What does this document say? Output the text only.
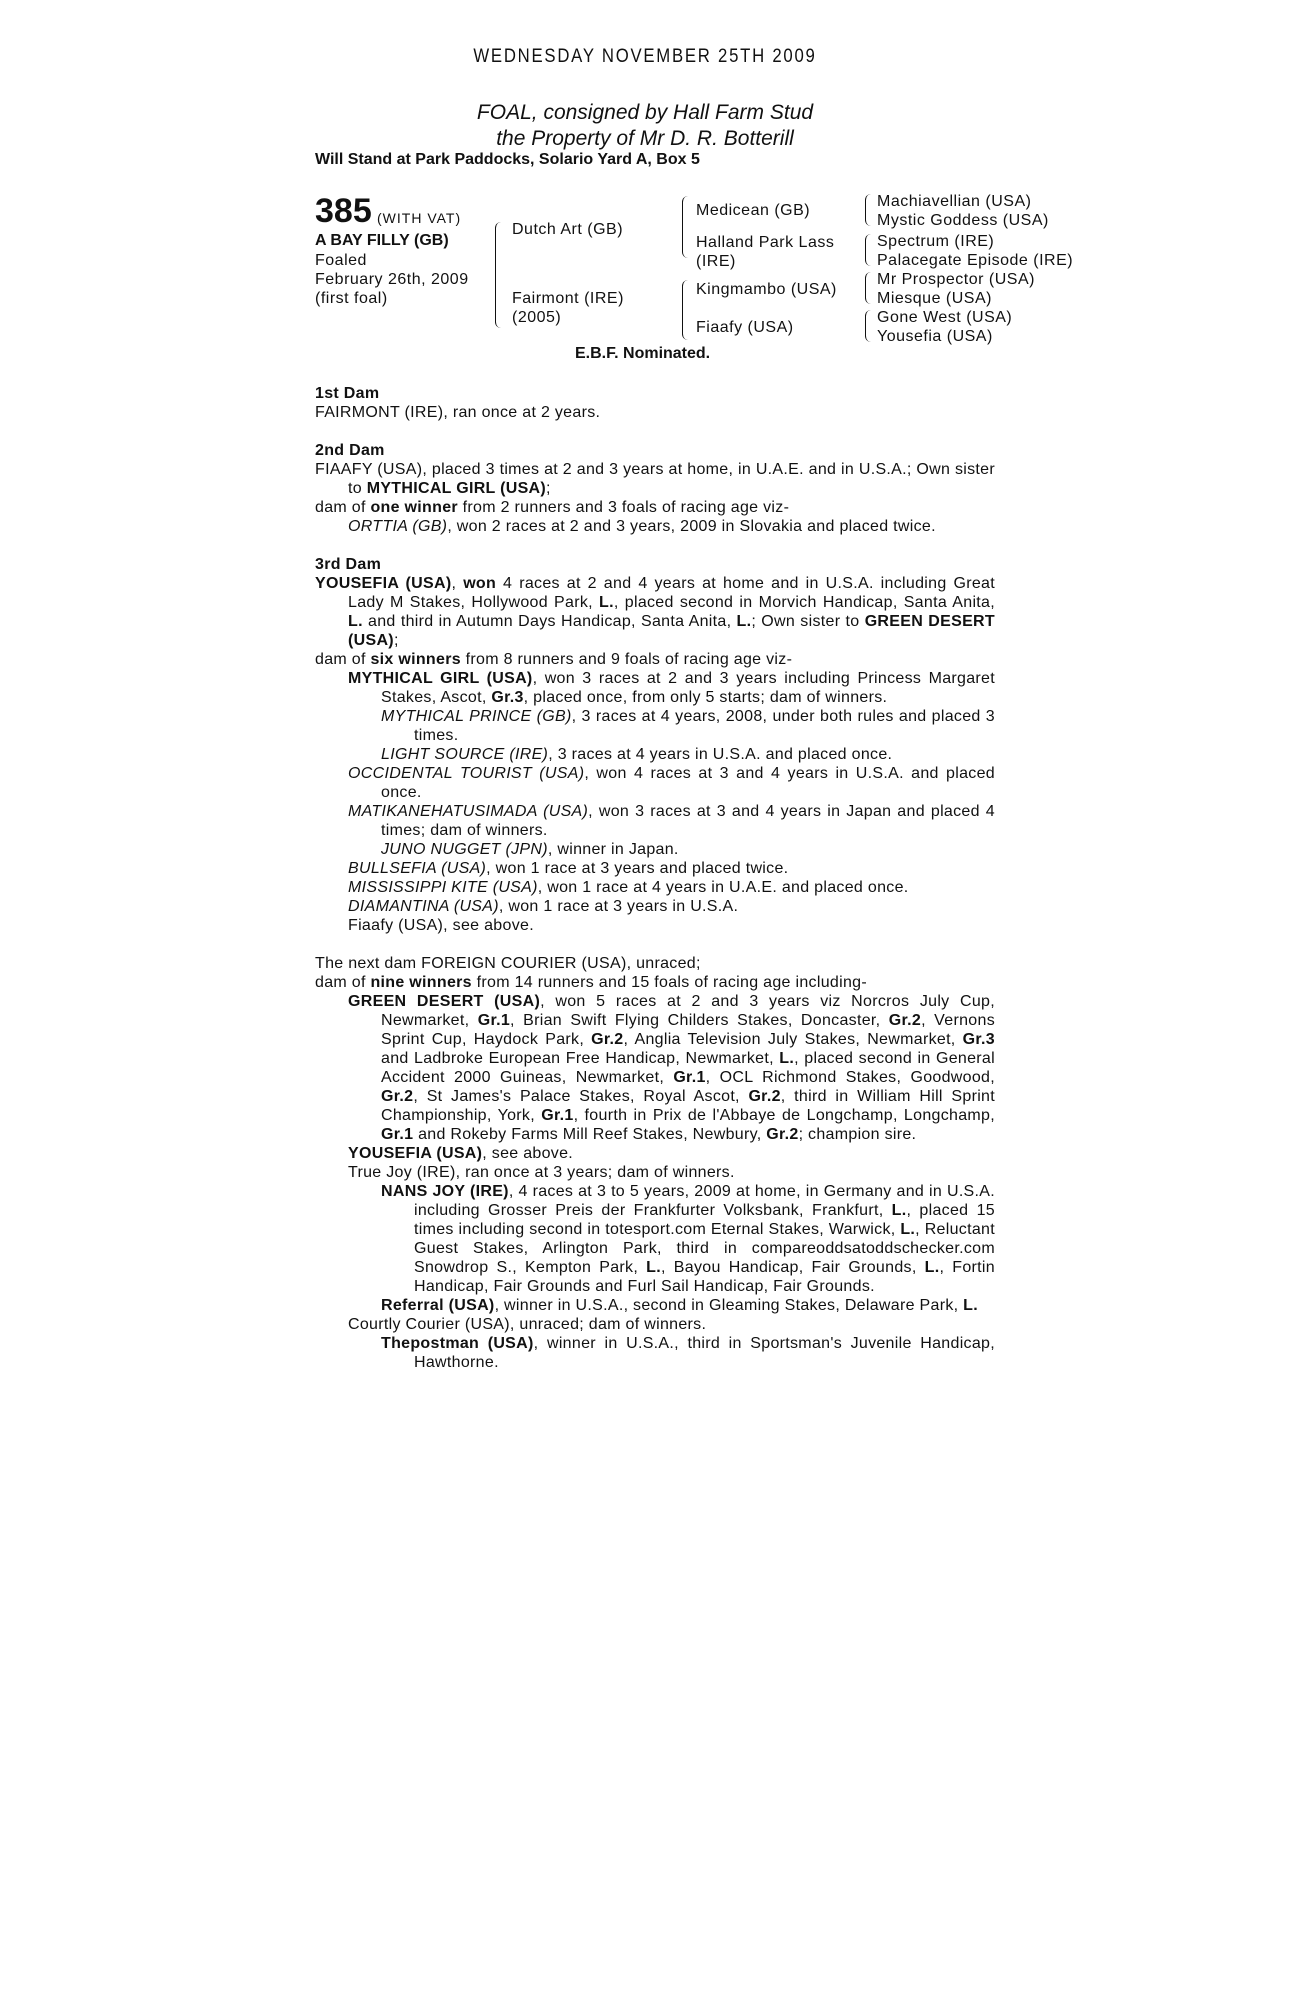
WEDNESDAY NOVEMBER 25TH 2009
FOAL, consigned by Hall Farm Stud
the Property of Mr D. R. Botterill
Will Stand at Park Paddocks, Solario Yard A, Box 5
385 (WITH VAT)
A BAY FILLY (GB)
Foaled
February 26th, 2009
(first foal)
Dutch Art (GB)
Fairmont (IRE)
(2005)
Medicean (GB)
Halland Park Lass
(IRE)
Kingmambo (USA)
Fiaafy (USA)
Machiavellian (USA)
Mystic Goddess (USA)
Spectrum (IRE)
Palacegate Episode (IRE)
Mr Prospector (USA)
Miesque (USA)
Gone West (USA)
Yousefia (USA)
E.B.F. Nominated.
1st Dam
FAIRMONT (IRE), ran once at 2 years.
2nd Dam
FIAAFY (USA), placed 3 times at 2 and 3 years at home, in U.A.E. and in U.S.A.; Own sister to MYTHICAL GIRL (USA);
dam of one winner from 2 runners and 3 foals of racing age viz-
ORTTIA (GB), won 2 races at 2 and 3 years, 2009 in Slovakia and placed twice.
3rd Dam
YOUSEFIA (USA), won 4 races at 2 and 4 years at home and in U.S.A. including Great Lady M Stakes, Hollywood Park, L., placed second in Morvich Handicap, Santa Anita, L. and third in Autumn Days Handicap, Santa Anita, L.; Own sister to GREEN DESERT (USA);
dam of six winners from 8 runners and 9 foals of racing age viz-
MYTHICAL GIRL (USA), won 3 races at 2 and 3 years including Princess Margaret Stakes, Ascot, Gr.3, placed once, from only 5 starts; dam of winners.
MYTHICAL PRINCE (GB), 3 races at 4 years, 2008, under both rules and placed 3 times.
LIGHT SOURCE (IRE), 3 races at 4 years in U.S.A. and placed once.
OCCIDENTAL TOURIST (USA), won 4 races at 3 and 4 years in U.S.A. and placed once.
MATIKANEHATUSIMADA (USA), won 3 races at 3 and 4 years in Japan and placed 4 times; dam of winners.
JUNO NUGGET (JPN), winner in Japan.
BULLSEFIA (USA), won 1 race at 3 years and placed twice.
MISSISSIPPI KITE (USA), won 1 race at 4 years in U.A.E. and placed once.
DIAMANTINA (USA), won 1 race at 3 years in U.S.A.
Fiaafy (USA), see above.
The next dam FOREIGN COURIER (USA), unraced;
dam of nine winners from 14 runners and 15 foals of racing age including-
GREEN DESERT (USA), won 5 races at 2 and 3 years viz Norcros July Cup, Newmarket, Gr.1, Brian Swift Flying Childers Stakes, Doncaster, Gr.2, Vernons Sprint Cup, Haydock Park, Gr.2, Anglia Television July Stakes, Newmarket, Gr.3 and Ladbroke European Free Handicap, Newmarket, L., placed second in General Accident 2000 Guineas, Newmarket, Gr.1, OCL Richmond Stakes, Goodwood, Gr.2, St James's Palace Stakes, Royal Ascot, Gr.2, third in William Hill Sprint Championship, York, Gr.1, fourth in Prix de l'Abbaye de Longchamp, Longchamp, Gr.1 and Rokeby Farms Mill Reef Stakes, Newbury, Gr.2; champion sire.
YOUSEFIA (USA), see above.
True Joy (IRE), ran once at 3 years; dam of winners.
NANS JOY (IRE), 4 races at 3 to 5 years, 2009 at home, in Germany and in U.S.A. including Grosser Preis der Frankfurter Volksbank, Frankfurt, L., placed 15 times including second in totesport.com Eternal Stakes, Warwick, L., Reluctant Guest Stakes, Arlington Park, third in compareoddsatoddschecker.com Snowdrop S., Kempton Park, L., Bayou Handicap, Fair Grounds, L., Fortin Handicap, Fair Grounds and Furl Sail Handicap, Fair Grounds.
Referral (USA), winner in U.S.A., second in Gleaming Stakes, Delaware Park, L.
Courtly Courier (USA), unraced; dam of winners.
Thepostman (USA), winner in U.S.A., third in Sportsman's Juvenile Handicap, Hawthorne.
